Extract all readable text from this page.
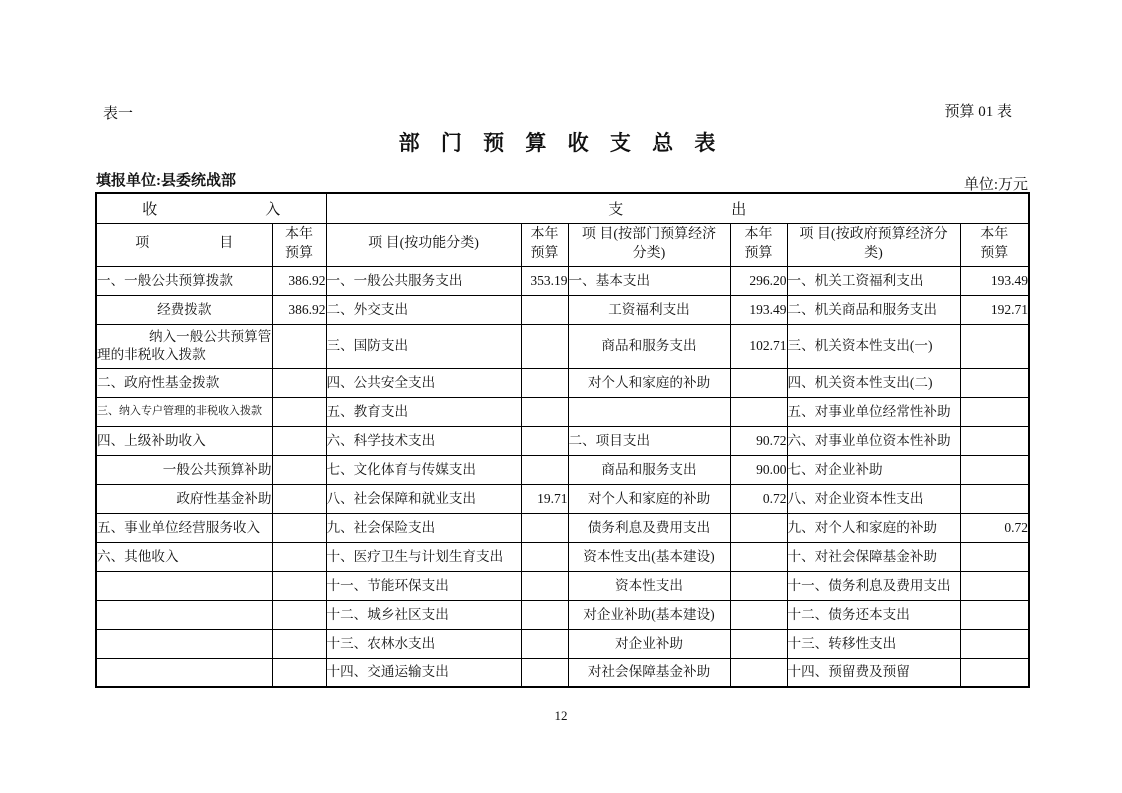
表一	预算 01 表
部 门 预 算 收 支 总 表
填报单位:县委统战部	单位:万元
收 入		支 出					

项 目	本年预算	项 目(按功能分类)	本年预算	项 目(按部门预算经济分类)	本年预算	项 目(按政府预算经济分类)	本年预算

一、一般公共预算拨款	386.92	一、一般公共服务支出	353.19	一、基本支出	296.20	一、机关工资福利支出	193.49
经费拨款	386.92	二、外交支出		工资福利支出	193.49	二、机关商品和服务支出	192.71
纳入一般公共预算管理的非税收入拨款		三、国防支出		商品和服务支出	102.71	三、机关资本性支出(一)	
二、政府性基金拨款		四、公共安全支出		对个人和家庭的补助		四、机关资本性支出(二)	
三、纳入专户管理的非税收入拨款		五、教育支出				五、对事业单位经常性补助	
四、上级补助收入		六、科学技术支出		二、项目支出	90.72	六、对事业单位资本性补助	
一般公共预算补助		七、文化体育与传媒支出		商品和服务支出	90.00	七、对企业补助	
政府性基金补助		八、社会保障和就业支出	19.71	对个人和家庭的补助	0.72	八、对企业资本性支出	
五、事业单位经营服务收入		九、社会保险支出		债务利息及费用支出		九、对个人和家庭的补助	0.72
六、其他收入		十、医疗卫生与计划生育支出		资本性支出(基本建设)		十、对社会保障基金补助	
		十一、节能环保支出		资本性支出		十一、债务利息及费用支出	
		十二、城乡社区支出		对企业补助(基本建设)		十二、债务还本支出	
		十三、农林水支出		对企业补助		十三、转移性支出	
		十四、交通运输支出		对社会保障基金补助		十四、预留费及预留	
12
